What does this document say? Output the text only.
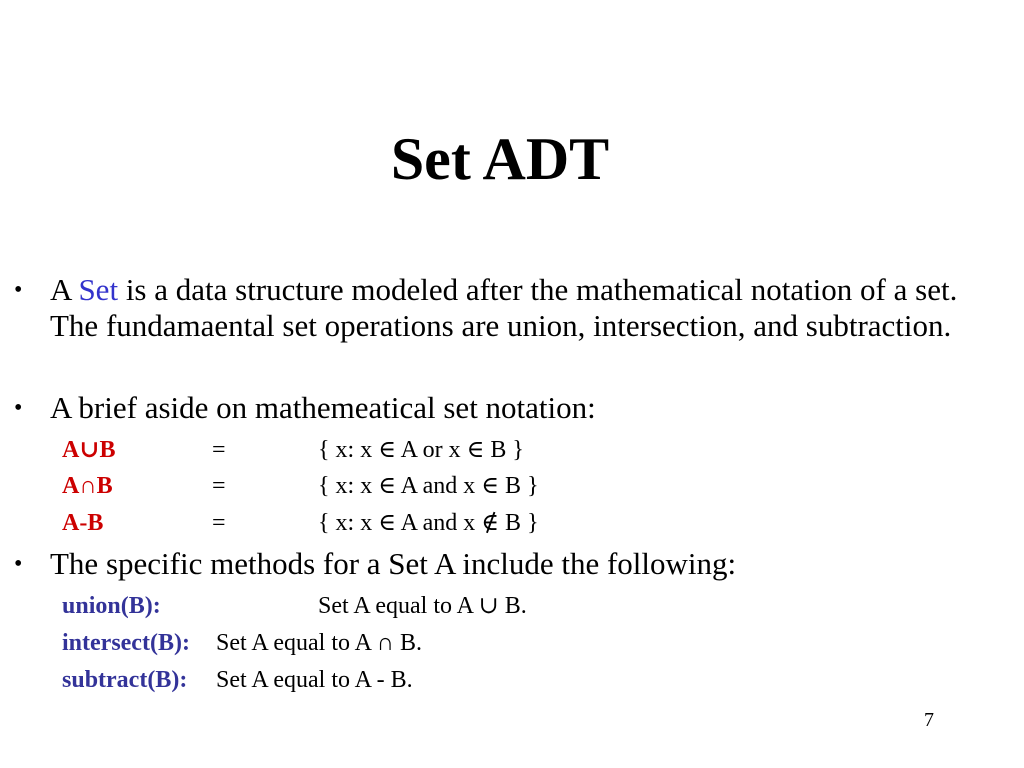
Set ADT
• A Set is a data structure modeled after the mathematical notation of a set. The fundamaental set operations are union, intersection, and subtraction.
• A brief aside on mathemeatical set notation:
A∪B	=	{ x: x ∈ A or x ∈ B }
A∩B	=	{ x: x ∈ A and x ∈ B }
A-B	=	{ x: x ∈ A and x ∉ B }
• The specific methods for a Set A include the following:
union(B):	Set A equal to A ∪ B.
intersect(B): Set A equal to A ∩ B.
subtract(B): Set A equal to A - B.
7
